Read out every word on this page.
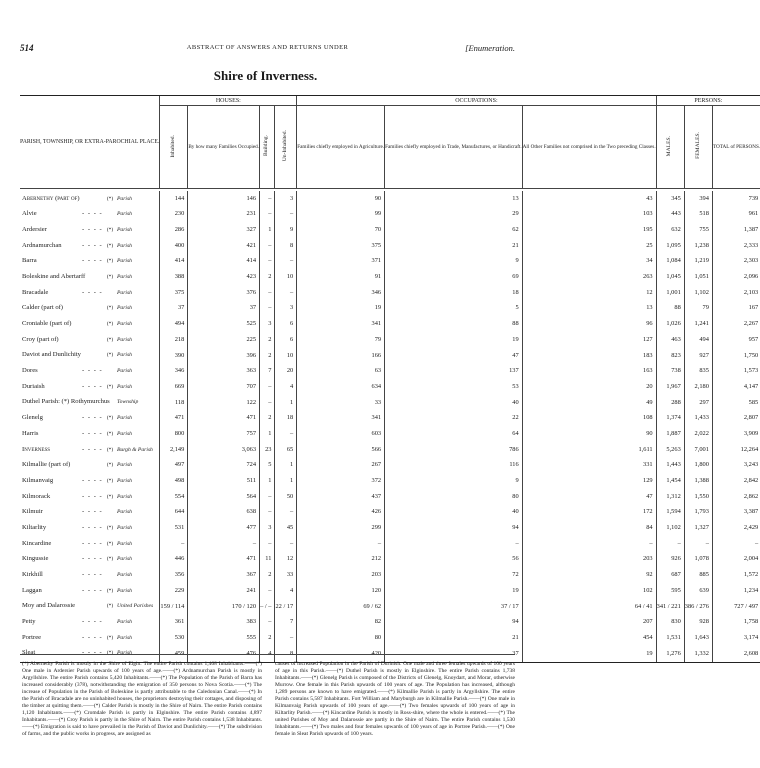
514	ABSTRACT OF ANSWERS AND RETURNS UNDER	[Enumeration.
Shire of Inverness.

PARISH, TOWNSHIP, OR EXTRA-PAROCHIAL PLACE.	HOUSES:				OCCUPATIONS:			PERSONS:		
	Inhabited.	By how many Families Occupied.	Building.	Un-Inhabited.	Families chiefly employed in Agriculture.	Families chiefly employed in Trade, Manufactures, or Handicraft.	All Other Families not comprised in the Two preceding Classes.	MALES.	FEMALES.	TOTAL of PERSONS.

Abernethy (part of) (*) Parish	144	146	–	3	90	13	43	345	394	739
Alvie - - - - Parish	230	231	–	–	99	29	103	443	518	961
Ardersier - - - - (*) Parish	286	327	1	9	70	62	195	632	755	1,387
Ardnamurchan - - - - (*) Parish	400	421	–	8	375	21	25	1,095	1,238	2,333
Barra - - - - (*) Parish	414	414	–	–	371	9	34	1,084	1,219	2,303
Boleskine and Abertarff (*) Parish	388	423	2	10	91	69	263	1,045	1,051	2,096
Bracadale - - - - Parish	375	376	–	–	346	18	12	1,001	1,102	2,103
Calder (part of) (*) Parish	37	37	–	3	19	5	13	88	79	167
Croniable (part of) (*) Parish	494	525	3	6	341	88	96	1,026	1,241	2,267
Croy (part of) (*) Parish	218	225	2	6	79	19	127	463	494	957
Daviot and Dunlichity (*) Parish	390	396	2	10	166	47	183	823	927	1,750
Dores - - - - Parish	346	363	7	20	63	137	163	738	835	1,573
Duriaish - - - - (*) Parish	669	707	–	4	634	53	20	1,967	2,180	4,147
Duthel Parish: (*) Rothymurchus Township	118	122	–	1	33	40	49	288	297	585
Glenelg - - - - (*) Parish	471	471	2	18	341	22	108	1,374	1,433	2,807
Harris - - - - (*) Parish	800	757	1	–	603	64	90	1,887	2,022	3,909
Inverness - - - - (*) Burgh & Parish	2,149	3,063	23	65	566	786	1,611	5,263	7,001	12,264
Kilmallie (part of) (*) Parish	497	724	5	1	267	116	331	1,443	1,800	3,243
Kilmanvaig - - - - (*) Parish	498	511	1	1	372	9	129	1,454	1,388	2,842
Kilmorack - - - - (*) Parish	554	564	–	50	437	80	47	1,312	1,550	2,862
Kilmuir - - - - Parish	644	638	–	–	426	40	172	1,594	1,793	3,387
Kiltarlity - - - - (*) Parish	531	477	3	45	299	94	84	1,102	1,327	2,429
Kincardine - - - - (*) Parish	–	–	–	–	–	–	–	–	–	–
Kingussie - - - - (*) Parish	446	471	11	12	212	56	203	926	1,078	2,004
Kirkhill - - - - Parish	356	367	2	33	203	72	92	687	885	1,572
Laggan - - - - (*) Parish	229	241	–	4	120	19	102	595	639	1,234
Moy and Dalarossie (*) United Parishes	159 / 114	170 / 120	– / –	22 / 17	69 / 62	37 / 17	64 / 41	341 / 221	386 / 276	727 / 497
Petty - - - - Parish	361	383	–	7	82	94	207	830	928	1,758
Portree - - - - (*) Parish	530	555	2	–	80	21	454	1,531	1,643	3,174
Sleat - - - - (*) Parish	459	476	4	8	420	37	19	1,276	1,332	2,608

(*) Abernethy Parish is mostly in the Shire of Elgin. The entire Parish contains 1,468 Inhabitants.——(*) One male in Ardersier Parish upwards of 100 years of age.——(*) Ardnamurchan Parish is mostly in Argyllshire. The entire Parish contains 5,420 Inhabitants.——(*) The Population of the Parish of Barra has increased considerably (378), notwithstanding the emigration of 350 persons to Nova Scotia.——(*) The increase of Population in the Parish of Boleskine is partly attributable to the Caledonian Canal.——(*) In the Parish of Bracadale are no uninhabited houses, the proprietors destroying their cottages, and disposing of the timber at quitting them.——(*) Calder Parish is mostly in the Shire of Nairn. The entire Parish contains 1,120 Inhabitants.——(*) Cromdale Parish is partly in Elginshire. The entire Parish contains 4,897 Inhabitants.——(*) Croy Parish is partly in the Shire of Nairn. The entire Parish contains 1,538 Inhabitants.——(*) Emigration is said to have prevailed in the Parish of Daviot and Dunlichity.——(*) The subdivision of farms, and the public works in progress, are assigned as
causes of increased Population in the Parish of Durinish. One male and three females upwards of 100 years of age in this Parish.——(*) Duthel Parish is mostly in Elginshire. The entire Parish contains 1,738 Inhabitants.——(*) Glenelg Parish is composed of the Districts of Glenelg, Knoydart, and Morar, otherwise Murrow. One female in this Parish upwards of 100 years of age. The Population has increased, although 1,289 persons are known to have emigrated.——(*) Kilmallie Parish is partly in Argyllshire. The entire Parish contains 5,587 Inhabitants. Fort William and Maryburgh are in Kilmallie Parish.——(*) One male in Kilmanvaig Parish upwards of 100 years of age.——(*) Two females upwards of 100 years of age in Kiltarlity Parish.——(*) Kincardine Parish is mostly in Ross-shire, where the whole is entered.——(*) The united Parishes of Moy and Dalarossie are partly in the Shire of Nairn. The entire Parish contains 1,530 Inhabitants.——(*) Two males and four females upwards of 100 years of age in Portree Parish.——(*) One female in Sleat Parish upwards of 100 years.
